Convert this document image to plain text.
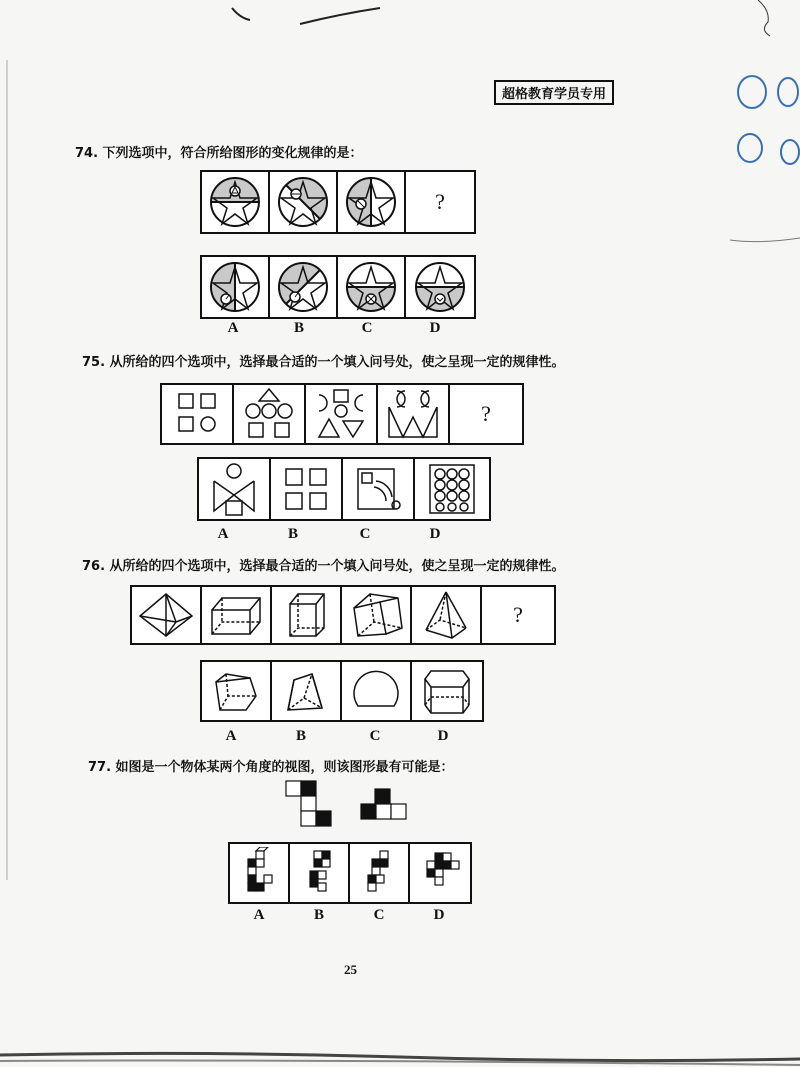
超格教育学员专用
74. 下列选项中，符合所给图形的变化规律的是：
?
A	B	C	D
75. 从所给的四个选项中，选择最合适的一个填入问号处，使之呈现一定的规律性。
?
A	B	C	D
76. 从所给的四个选项中，选择最合适的一个填入问号处，使之呈现一定的规律性。
?
A	B	C	D
77. 如图是一个物体某两个角度的视图，则该图形最有可能是：
A	B	C	D
25
